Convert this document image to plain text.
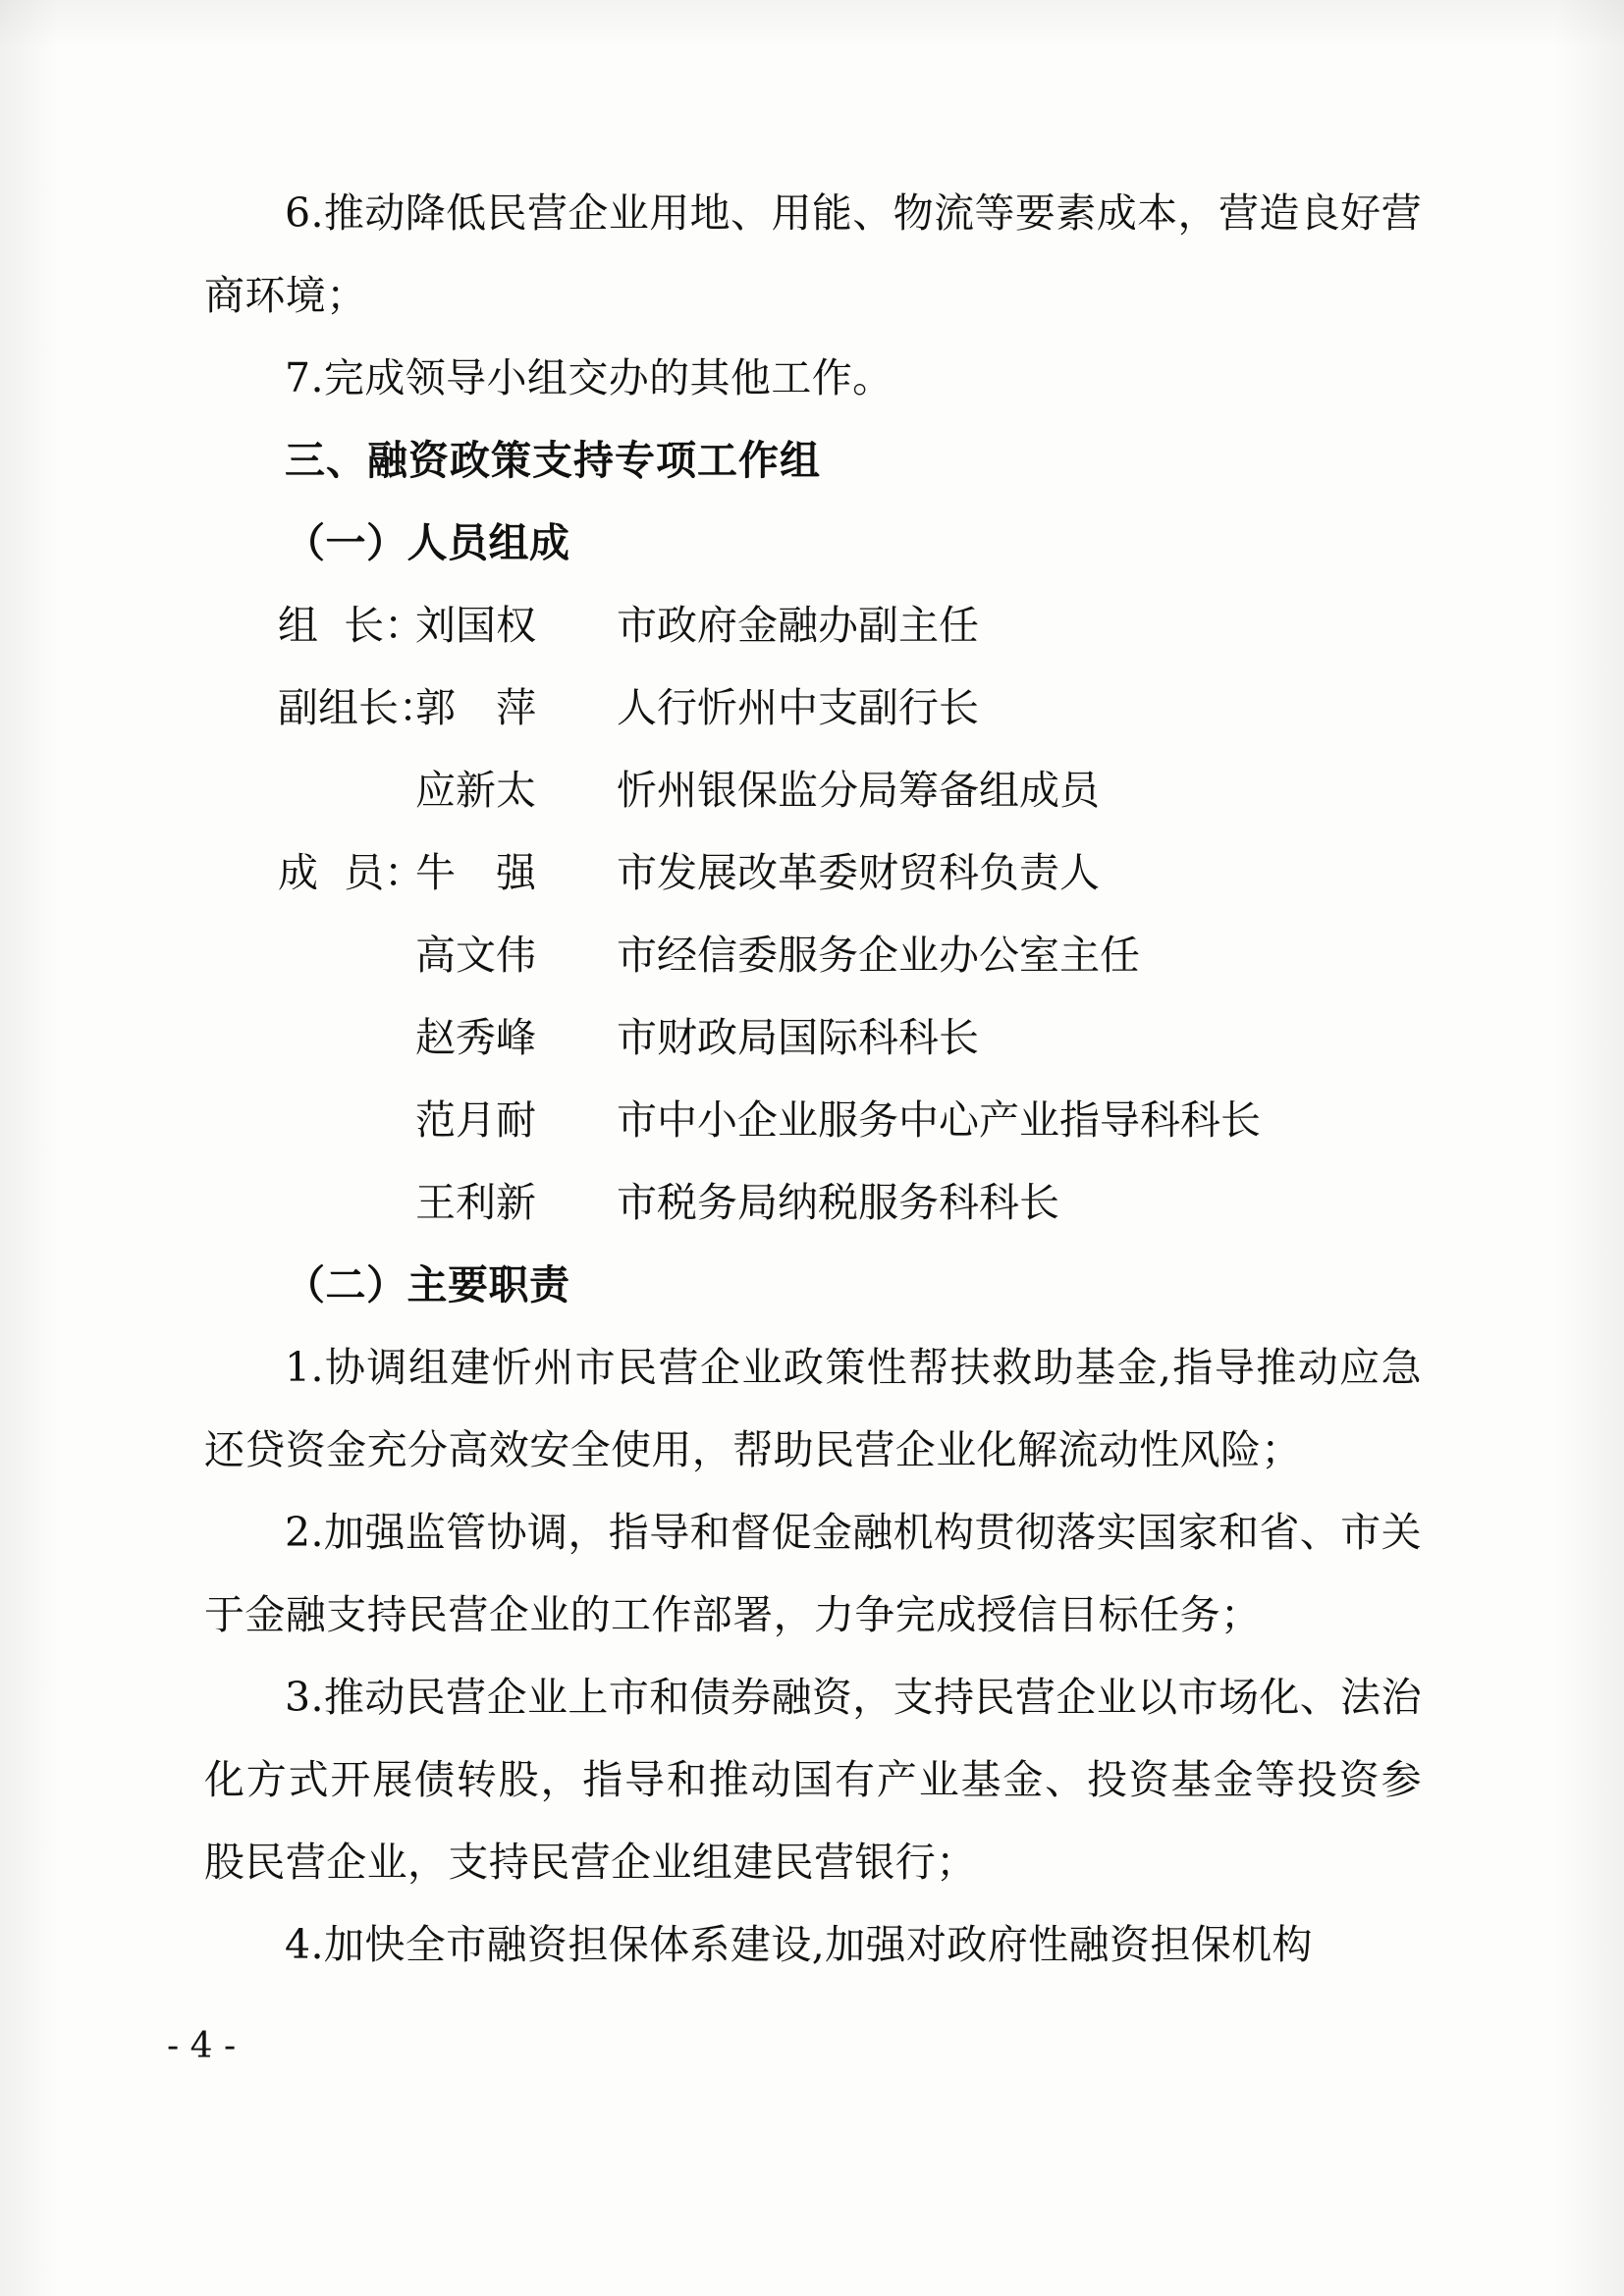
6.推动降低民营企业用地、用能、物流等要素成本，营造良好营商环境；
7.完成领导小组交办的其他工作。
三、融资政策支持专项工作组
（一）人员组成
组  长：
刘国权	市政府金融办副主任
副组长：
郭　萍	人行忻州中支副行长
应新太	忻州银保监分局筹备组成员
成  员：
牛　强	市发展改革委财贸科负责人
高文伟	市经信委服务企业办公室主任
赵秀峰	市财政局国际科科长
范月耐	市中小企业服务中心产业指导科科长
王利新	市税务局纳税服务科科长
（二）主要职责
1.协调组建忻州市民营企业政策性帮扶救助基金,指导推动应急还贷资金充分高效安全使用，帮助民营企业化解流动性风险；
2.加强监管协调，指导和督促金融机构贯彻落实国家和省、市关于金融支持民营企业的工作部署，力争完成授信目标任务；
3.推动民营企业上市和债券融资，支持民营企业以市场化、法治化方式开展债转股，指导和推动国有产业基金、投资基金等投资参股民营企业，支持民营企业组建民营银行；
4.加快全市融资担保体系建设,加强对政府性融资担保机构
- 4 -
